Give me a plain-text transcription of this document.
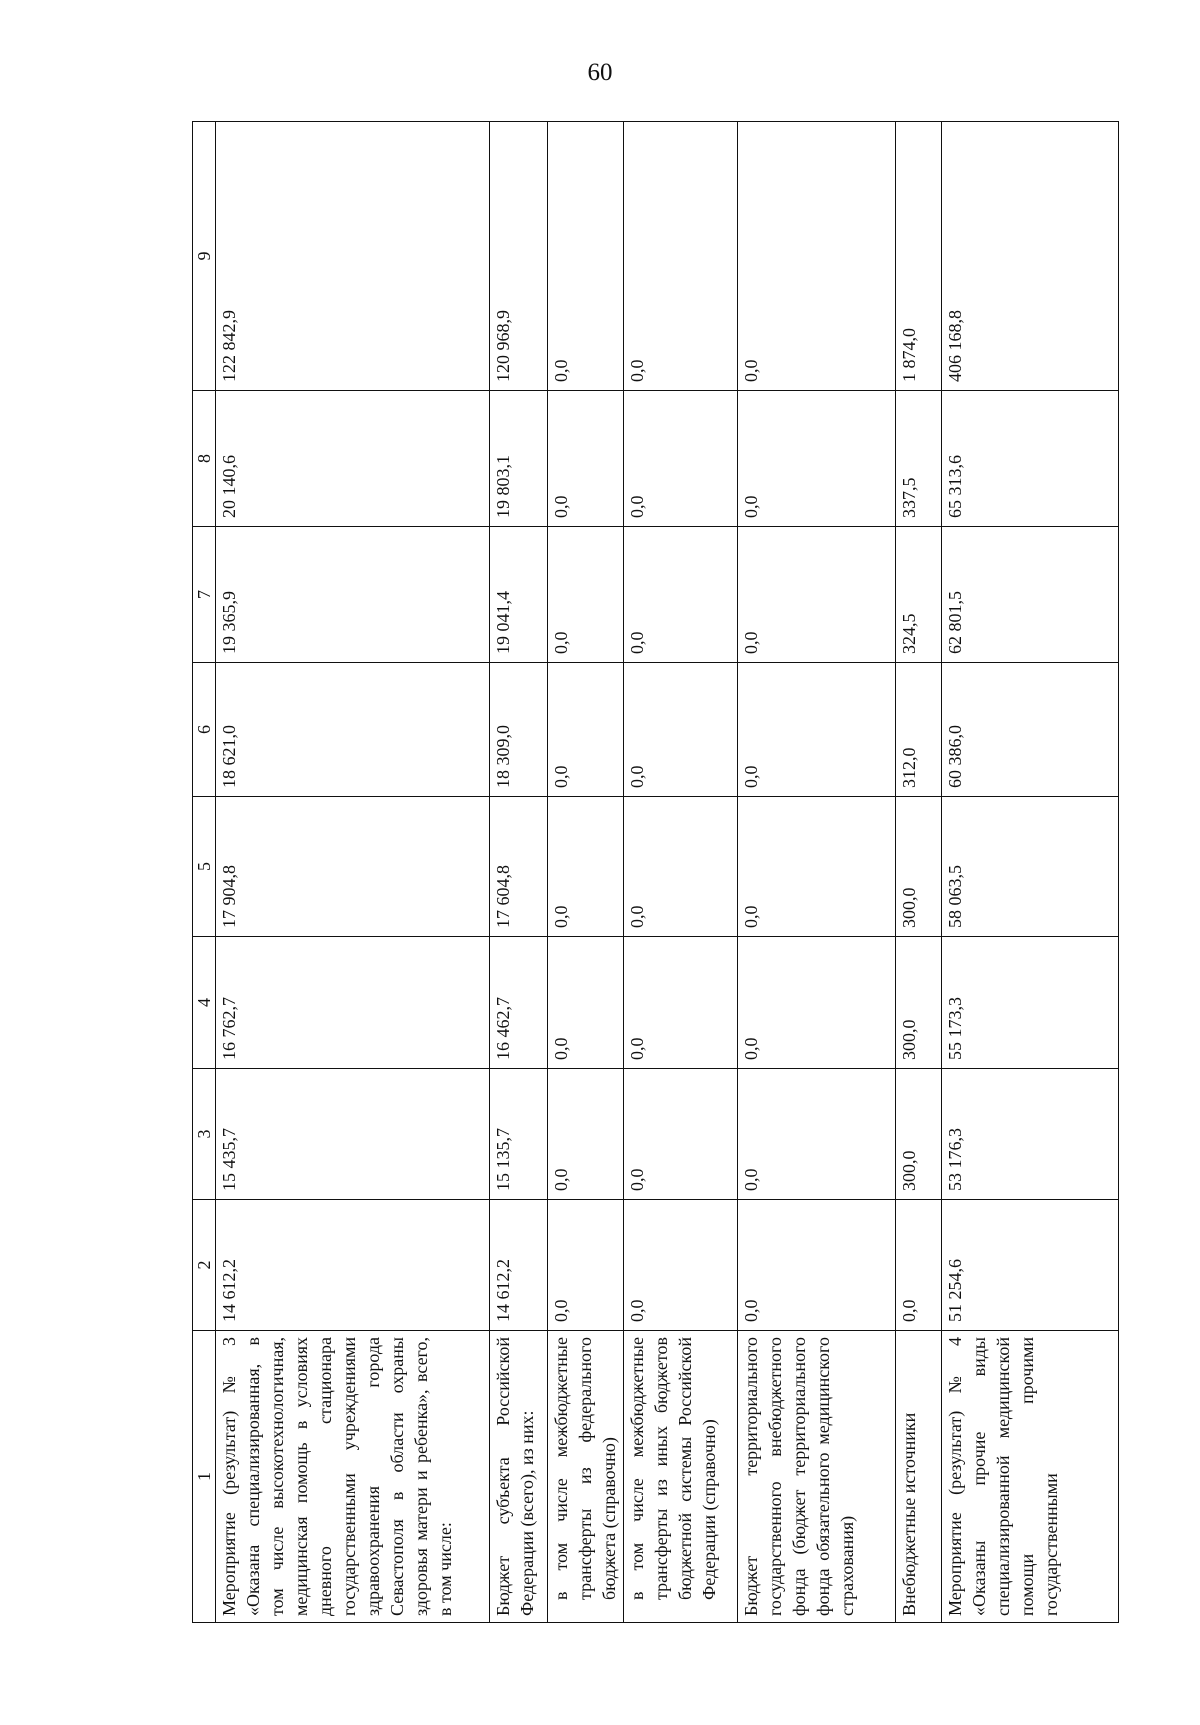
60
1	2	3	4	5	6	7	8	9
Мероприятие (результат) № 3 «Оказана специализированная, в том числе высокотехнологичная, медицинская помощь в условиях дневного стационара государственными учреждениями здравоохранения города Севастополя в области охраны здоровья матери и ребенка», всего, в том числе:	14 612,2	15 435,7	16 762,7	17 904,8	18 621,0	19 365,9	20 140,6	122 842,9
Бюджет субъекта Российской Федерации (всего), из них:	14 612,2	15 135,7	16 462,7	17 604,8	18 309,0	19 041,4	19 803,1	120 968,9
в том числе межбюджетные трансферты из федерального бюджета (справочно)	0,0	0,0	0,0	0,0	0,0	0,0	0,0	0,0
в том числе межбюджетные трансферты из иных бюджетов бюджетной системы Российской Федерации (справочно)	0,0	0,0	0,0	0,0	0,0	0,0	0,0	0,0
Бюджет территориального государственного внебюджетного фонда (бюджет территориального фонда обязательного медицинского страхования)	0,0	0,0	0,0	0,0	0,0	0,0	0,0	0,0
Внебюджетные источники	0,0	300,0	300,0	300,0	312,0	324,5	337,5	1 874,0
Мероприятие (результат) № 4 «Оказаны прочие виды специализированной медицинской помощи прочими государственными	51 254,6	53 176,3	55 173,3	58 063,5	60 386,0	62 801,5	65 313,6	406 168,8
